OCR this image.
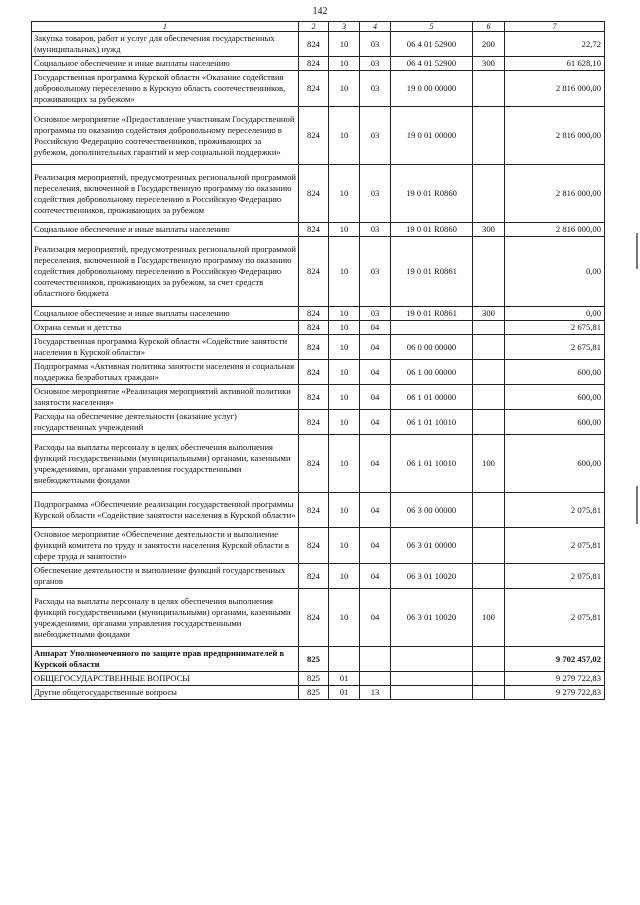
142
1	2	3	4	5	6	7
Закупка товаров, работ и услуг для обеспечения государственных (муниципальных) нужд	824	10	03	06 4 01 52900	200	22,72
Социальное обеспечение и иные выплаты населению	824	10	03	06 4 01 52900	300	61 628,10
Государственная программа Курской области «Оказание содействия добровольному переселению в Курскую область соотечественников, проживающих за рубежом»	824	10	03	19 0 00 00000		2 816 000,00
Основное мероприятие «Предоставление участникам Государственной программы по оказанию содействия добровольному переселению в Российскую Федерацию соотечественников, проживающих за рубежом, дополнительных гарантий и мер социальной поддержки»	824	10	03	19 0 01 00000		2 816 000,00
Реализация мероприятий, предусмотренных региональной программой переселения, включенной в Государственную программу по оказанию содействия добровольному переселению в Российскую Федерацию соотечественников, проживающих за рубежом	824	10	03	19 0 01 R0860		2 816 000,00
Социальное обеспечение и иные выплаты населению	824	10	03	19 0 01 R0860	300	2 816 000,00
Реализация мероприятий, предусмотренных региональной программой переселения, включенной в Государственную программу по оказанию содействия добровольному переселению в Российскую Федерацию соотечественников, проживающих за рубежом, за счет средств областного бюджета	824	10	03	19 0 01 R0861		0,00
Социальное обеспечение и иные выплаты населению	824	10	03	19 0 01 R0861	300	0,00
Охрана семьи и детства	824	10	04			2 675,81
Государственная программа Курской области «Содействие занятости населения в Курской области»	824	10	04	06 0 00 00000		2 675,81
Подпрограмма «Активная политика занятости населения и социальная поддержка безработных граждан»	824	10	04	06 1 00 00000		600,00
Основное мероприятие «Реализация мероприятий активной политики занятости населения»	824	10	04	06 1 01 00000		600,00
Расходы на обеспечение деятельности (оказание услуг) государственных учреждений	824	10	04	06 1 01 10010		600,00
Расходы на выплаты персоналу в целях обеспечения выполнения функций государственными (муниципальными) органами, казенными учреждениями, органами управления государственными внебюджетными фондами	824	10	04	06 1 01 10010	100	600,00
Подпрограмма «Обеспечение реализации государственной программы Курской области «Содействие занятости населения в Курской области»	824	10	04	06 3 00 00000		2 075,81
Основное мероприятие «Обеспечение деятельности и выполнение функций комитета по труду и занятости населения Курской области в сфере труда и занятости»	824	10	04	06 3 01 00000		2 075,81
Обеспечение деятельности и выполнение функций государственных органов	824	10	04	06 3 01 10020		2 075,81
Расходы на выплаты персоналу в целях обеспечения выполнения функций государственными (муниципальными) органами, казенными учреждениями, органами управления государственными внебюджетными фондами	824	10	04	06 3 01 10020	100	2 075,81
Аппарат Уполномоченного по защите прав предпринимателей в Курской области	825					9 702 457,02
ОБЩЕГОСУДАРСТВЕННЫЕ ВОПРОСЫ	825	01				9 279 722,83
Другие общегосударственные вопросы	825	01	13			9 279 722,83
